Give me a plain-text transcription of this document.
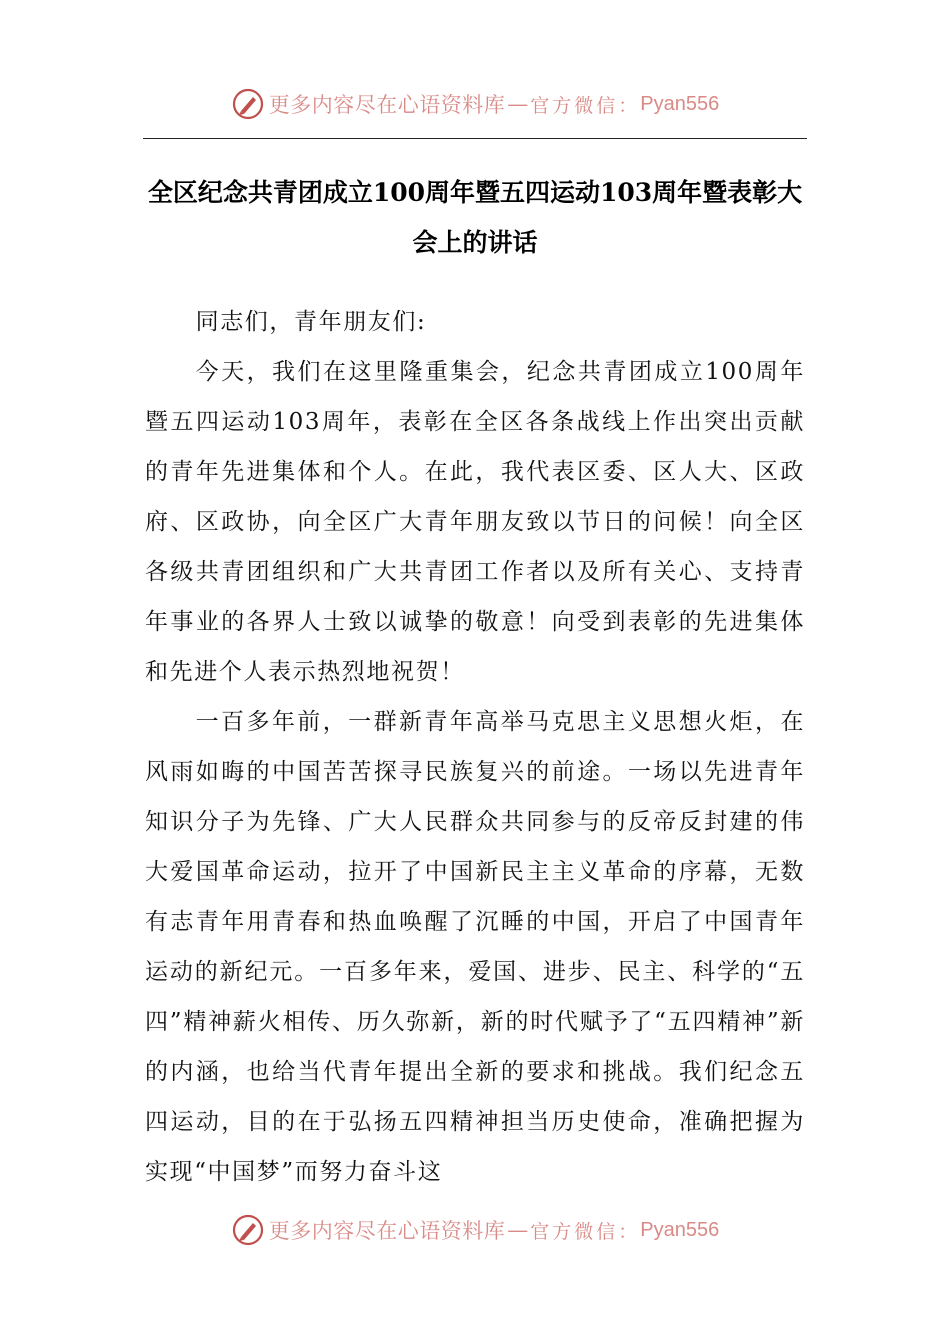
更多内容尽在心语资料库 — 官方微信： Pyan556
全区纪念共青团成立100周年暨五四运动103周年暨表彰大会上的讲话

同志们，青年朋友们:

今天，我们在这里隆重集会，纪念共青团成立100周年暨五四运动103周年，表彰在全区各条战线上作出突出贡献的青年先进集体和个人。在此，我代表区委、区人大、区政府、区政协，向全区广大青年朋友致以节日的问候！向全区各级共青团组织和广大共青团工作者以及所有关心、支持青年事业的各界人士致以诚挚的敬意！向受到表彰的先进集体和先进个人表示热烈地祝贺！

一百多年前，一群新青年高举马克思主义思想火炬，在风雨如晦的中国苦苦探寻民族复兴的前途。一场以先进青年知识分子为先锋、广大人民群众共同参与的反帝反封建的伟大爱国革命运动，拉开了中国新民主主义革命的序幕，无数有志青年用青春和热血唤醒了沉睡的中国，开启了中国青年运动的新纪元。一百多年来，爱国、进步、民主、科学的“五四”精神薪火相传、历久弥新，新的时代赋予了“五四精神”新的内涵，也给当代青年提出全新的要求和挑战。我们纪念五四运动，目的在于弘扬五四精神担当历史使命，准确把握为实现“中国梦”而努力奋斗这

更多内容尽在心语资料库 — 官方微信： Pyan556
